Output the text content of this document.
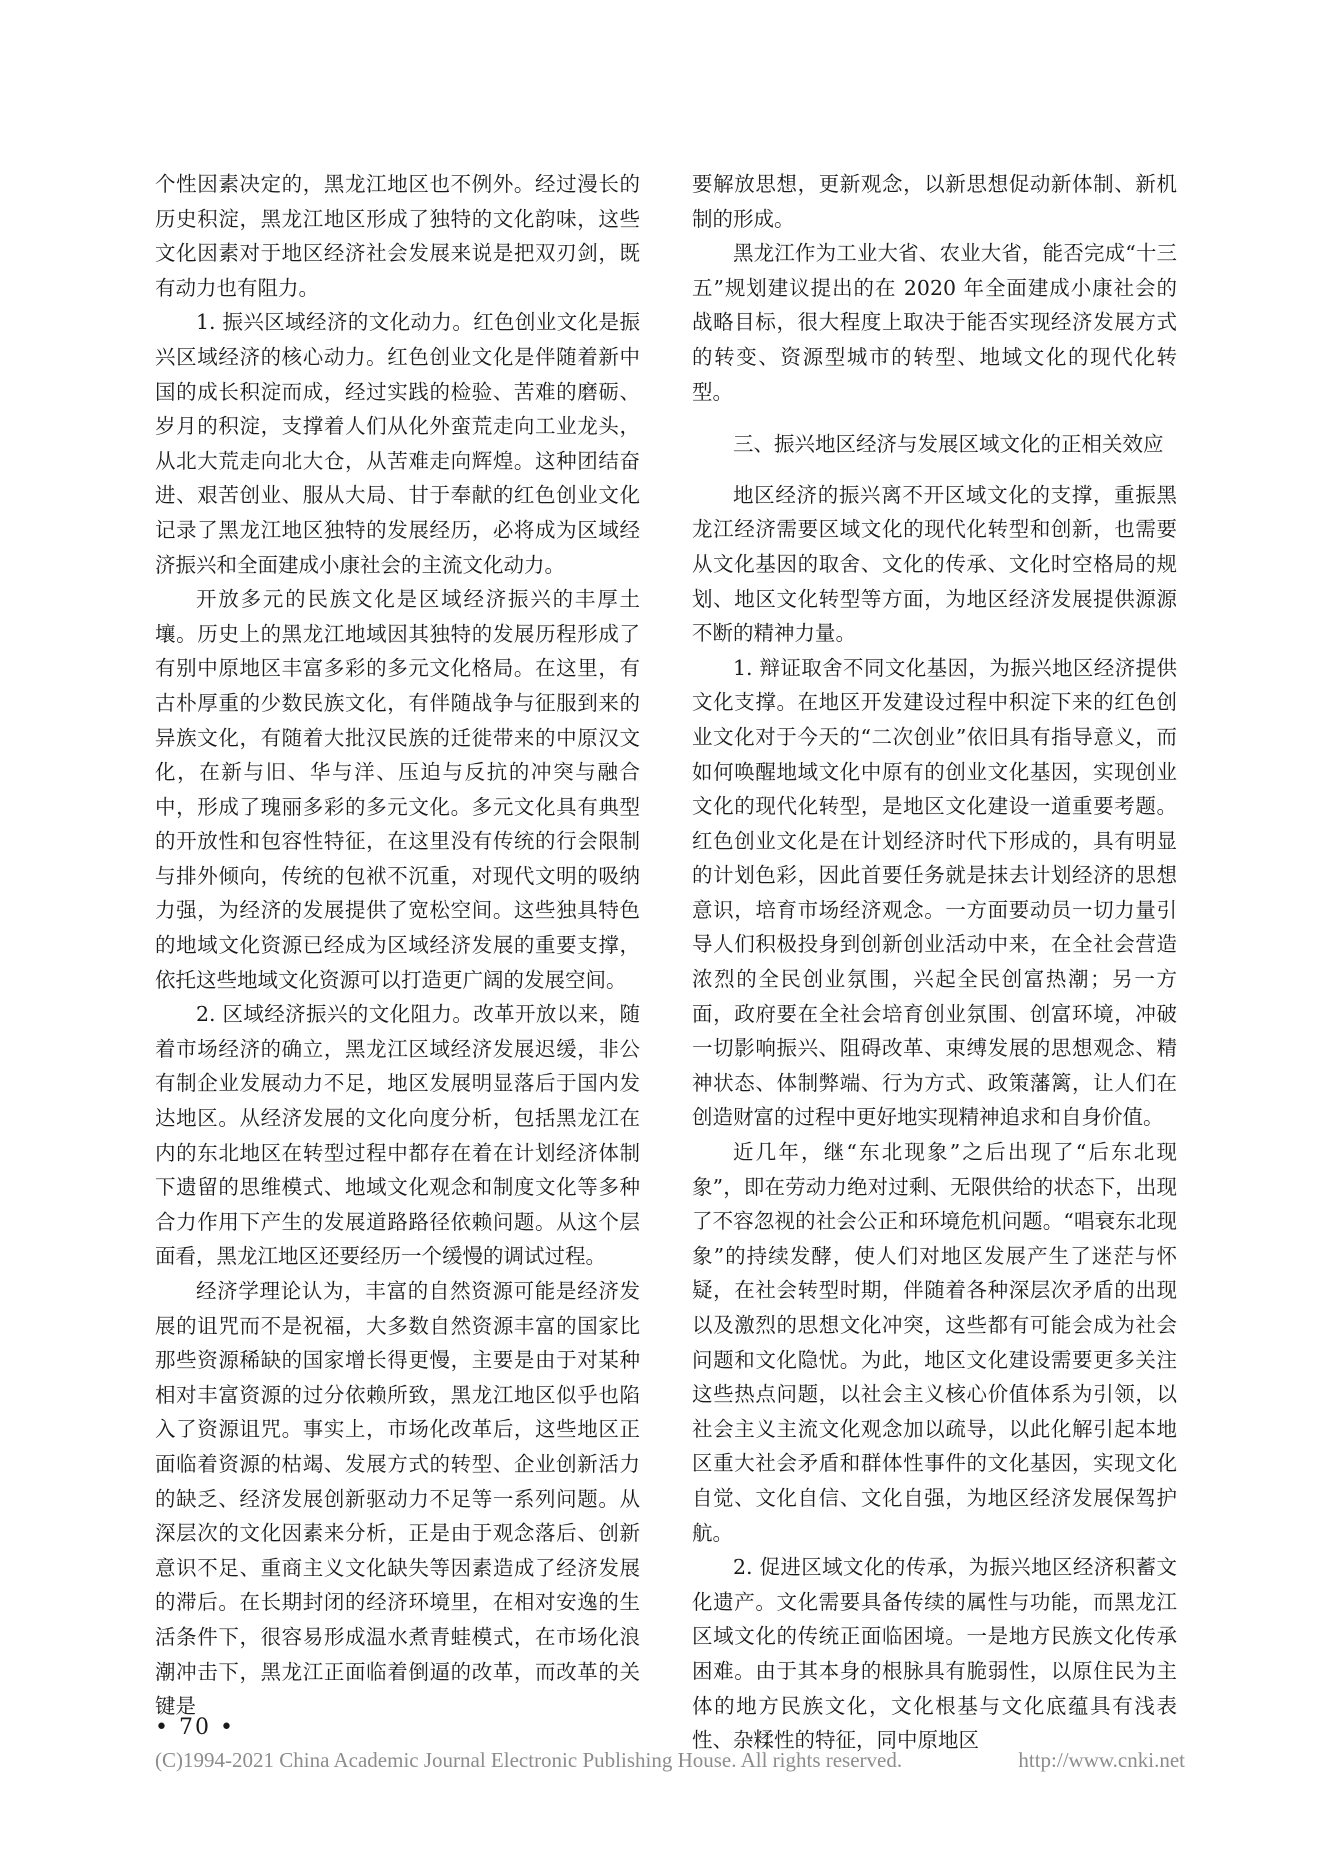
个性因素决定的，黑龙江地区也不例外。经过漫长的历史积淀，黑龙江地区形成了独特的文化韵味，这些文化因素对于地区经济社会发展来说是把双刃剑，既有动力也有阻力。

1. 振兴区域经济的文化动力。红色创业文化是振兴区域经济的核心动力。红色创业文化是伴随着新中国的成长积淀而成，经过实践的检验、苦难的磨砺、岁月的积淀，支撑着人们从化外蛮荒走向工业龙头，从北大荒走向北大仓，从苦难走向辉煌。这种团结奋进、艰苦创业、服从大局、甘于奉献的红色创业文化记录了黑龙江地区独特的发展经历，必将成为区域经济振兴和全面建成小康社会的主流文化动力。

开放多元的民族文化是区域经济振兴的丰厚土壤。历史上的黑龙江地域因其独特的发展历程形成了有别中原地区丰富多彩的多元文化格局。在这里，有古朴厚重的少数民族文化，有伴随战争与征服到来的异族文化，有随着大批汉民族的迁徙带来的中原汉文化，在新与旧、华与洋、压迫与反抗的冲突与融合中，形成了瑰丽多彩的多元文化。多元文化具有典型的开放性和包容性特征，在这里没有传统的行会限制与排外倾向，传统的包袱不沉重，对现代文明的吸纳力强，为经济的发展提供了宽松空间。这些独具特色的地域文化资源已经成为区域经济发展的重要支撑，依托这些地域文化资源可以打造更广阔的发展空间。

2. 区域经济振兴的文化阻力。改革开放以来，随着市场经济的确立，黑龙江区域经济发展迟缓，非公有制企业发展动力不足，地区发展明显落后于国内发达地区。从经济发展的文化向度分析，包括黑龙江在内的东北地区在转型过程中都存在着在计划经济体制下遗留的思维模式、地域文化观念和制度文化等多种合力作用下产生的发展道路路径依赖问题。从这个层面看，黑龙江地区还要经历一个缓慢的调试过程。

经济学理论认为，丰富的自然资源可能是经济发展的诅咒而不是祝福，大多数自然资源丰富的国家比那些资源稀缺的国家增长得更慢，主要是由于对某种相对丰富资源的过分依赖所致，黑龙江地区似乎也陷入了资源诅咒。事实上，市场化改革后，这些地区正面临着资源的枯竭、发展方式的转型、企业创新活力的缺乏、经济发展创新驱动力不足等一系列问题。从深层次的文化因素来分析，正是由于观念落后、创新意识不足、重商主义文化缺失等因素造成了经济发展的滞后。在长期封闭的经济环境里，在相对安逸的生活条件下，很容易形成温水煮青蛙模式，在市场化浪潮冲击下，黑龙江正面临着倒逼的改革，而改革的关键是

要解放思想，更新观念，以新思想促动新体制、新机制的形成。

黑龙江作为工业大省、农业大省，能否完成“十三五”规划建议提出的在 2020 年全面建成小康社会的战略目标，很大程度上取决于能否实现经济发展方式的转变、资源型城市的转型、地域文化的现代化转型。

三、振兴地区经济与发展区域文化的正相关效应

地区经济的振兴离不开区域文化的支撑，重振黑龙江经济需要区域文化的现代化转型和创新，也需要从文化基因的取舍、文化的传承、文化时空格局的规划、地区文化转型等方面，为地区经济发展提供源源不断的精神力量。

1. 辩证取舍不同文化基因，为振兴地区经济提供文化支撑。在地区开发建设过程中积淀下来的红色创业文化对于今天的“二次创业”依旧具有指导意义，而如何唤醒地域文化中原有的创业文化基因，实现创业文化的现代化转型，是地区文化建设一道重要考题。红色创业文化是在计划经济时代下形成的，具有明显的计划色彩，因此首要任务就是抹去计划经济的思想意识，培育市场经济观念。一方面要动员一切力量引导人们积极投身到创新创业活动中来，在全社会营造浓烈的全民创业氛围，兴起全民创富热潮；另一方面，政府要在全社会培育创业氛围、创富环境，冲破一切影响振兴、阻碍改革、束缚发展的思想观念、精神状态、体制弊端、行为方式、政策藩篱，让人们在创造财富的过程中更好地实现精神追求和自身价值。

近几年，继“东北现象”之后出现了“后东北现象”，即在劳动力绝对过剩、无限供给的状态下，出现了不容忽视的社会公正和环境危机问题。“唱衰东北现象”的持续发酵，使人们对地区发展产生了迷茫与怀疑，在社会转型时期，伴随着各种深层次矛盾的出现以及激烈的思想文化冲突，这些都有可能会成为社会问题和文化隐忧。为此，地区文化建设需要更多关注这些热点问题，以社会主义核心价值体系为引领，以社会主义主流文化观念加以疏导，以此化解引起本地区重大社会矛盾和群体性事件的文化基因，实现文化自觉、文化自信、文化自强，为地区经济发展保驾护航。

2. 促进区域文化的传承，为振兴地区经济积蓄文化遗产。文化需要具备传续的属性与功能，而黑龙江区域文化的传统正面临困境。一是地方民族文化传承困难。由于其本身的根脉具有脆弱性，以原住民为主体的地方民族文化，文化根基与文化底蕴具有浅表性、杂糅性的特征，同中原地区

• 70 •
(C)1994-2021 China Academic Journal Electronic Publishing House. All rights reserved.	http://www.cnki.net
